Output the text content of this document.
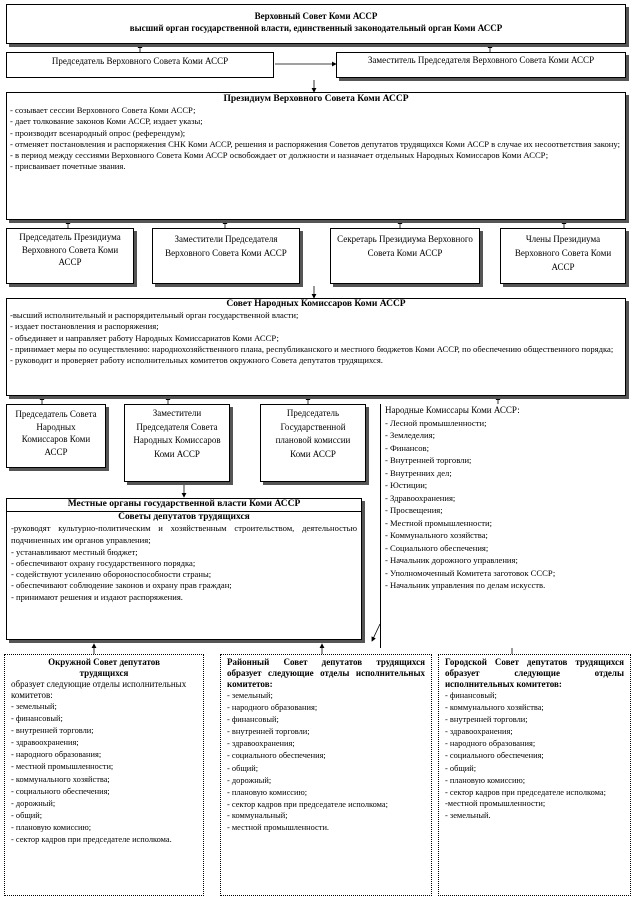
Верховный Совет Коми АССР
высший орган государственной власти, единственный законодательный орган Коми АССР
Председатель Верховного Совета Коми АССР	Заместитель Председателя Верховного Совета Коми АССР
Президиум Верховного Совета Коми АССР
- созывает сессии Верховного Совета Коми АССР;
- дает толкование законов Коми АССР, издает указы;
- производит всенародный опрос (референдум);
- отменяет постановления и распоряжения СНК Коми АССР, решения и распоряжения Советов депутатов трудящихся Коми АССР в случае их несоответствия закону;
- в период между сессиями Верховного Совета Коми АССР освобождает от должности и назначает отдельных Народных Комиссаров Коми АССР;
- присваивает почетные звания.
Председатель Президиума Верховного Совета Коми АССР
Заместители Председателя Верховного Совета Коми АССР
Секретарь Президиума Верховного Совета Коми АССР
Члены Президиума Верховного Совета Коми АССР
Совет Народных Комиссаров Коми АССР
-высший исполнительный и распорядительный орган государственной власти;
- издает постановления и распоряжения;
- объединяет и направляет работу Народных Комиссариатов Коми АССР;
- принимает меры по осуществлению: народнохозяйственного плана, республиканского и местного бюджетов Коми АССР, по обеспечению общественного порядка;
- руководит и проверяет работу исполнительных комитетов окружного Совета депутатов трудящихся.
Председатель Совета Народных Комиссаров Коми АССР
Заместители Председателя Совета Народных Комиссаров Коми АССР
Председатель Государственной плановой комиссии Коми АССР
Народные Комиссары Коми АССР:
- Лесной промышленности;
- Земледелия;
- Финансов;
- Внутренней торговли;
- Внутренних дел;
- Юстиции;
- Здравоохранения;
- Просвещения;
- Местной промышленности;
- Коммунального хозяйства;
- Социального обеспечения;
- Начальник дорожного управления;
- Уполномоченный Комитета заготовок СССР;
- Начальник управления по делам искусств.
Местные органы государственной власти Коми АССР
Советы депутатов трудящихся
-руководят культурно-политическим и хозяйственным строительством, деятельностью подчиненных им органов управления;
- устанавливают местный бюджет;
- обеспечивают охрану государственного порядка;
- содействуют усилению обороноспособности страны;
- обеспечивают соблюдение законов и охрану прав граждан;
- принимают решения и издают распоряжения.
Окружной Совет депутатов трудящихся
образует следующие отделы исполнительных комитетов:
- земельный;
- финансовый;
- внутренней торговли;
- здравоохранения;
- народного образования;
- местной промышленности;
- коммунального хозяйства;
- социального обеспечения;
- дорожный;
- общий;
- плановую комиссию;
- сектор кадров при председателе исполкома.
Районный Совет депутатов трудящихся образует следующие отделы исполнительных комитетов:
- земельный;
- народного образования;
- финансовый;
- внутренней торговли;
- здравоохранения;
- социального обеспечения;
- общий;
- дорожный;
- плановую комиссию;
- сектор кадров при председателе исполкома;
- коммунальный;
- местной промышленности.
Городской Совет депутатов трудящихся образует следующие отделы исполнительных комитетов:
- финансовый;
- коммунального хозяйства;
- внутренней торговли;
- здравоохранения;
- народного образования;
- социального обеспечения;
- общий;
- плановую комиссию;
- сектор кадров при председателе исполкома;
-местной промышленности;
- земельный.
